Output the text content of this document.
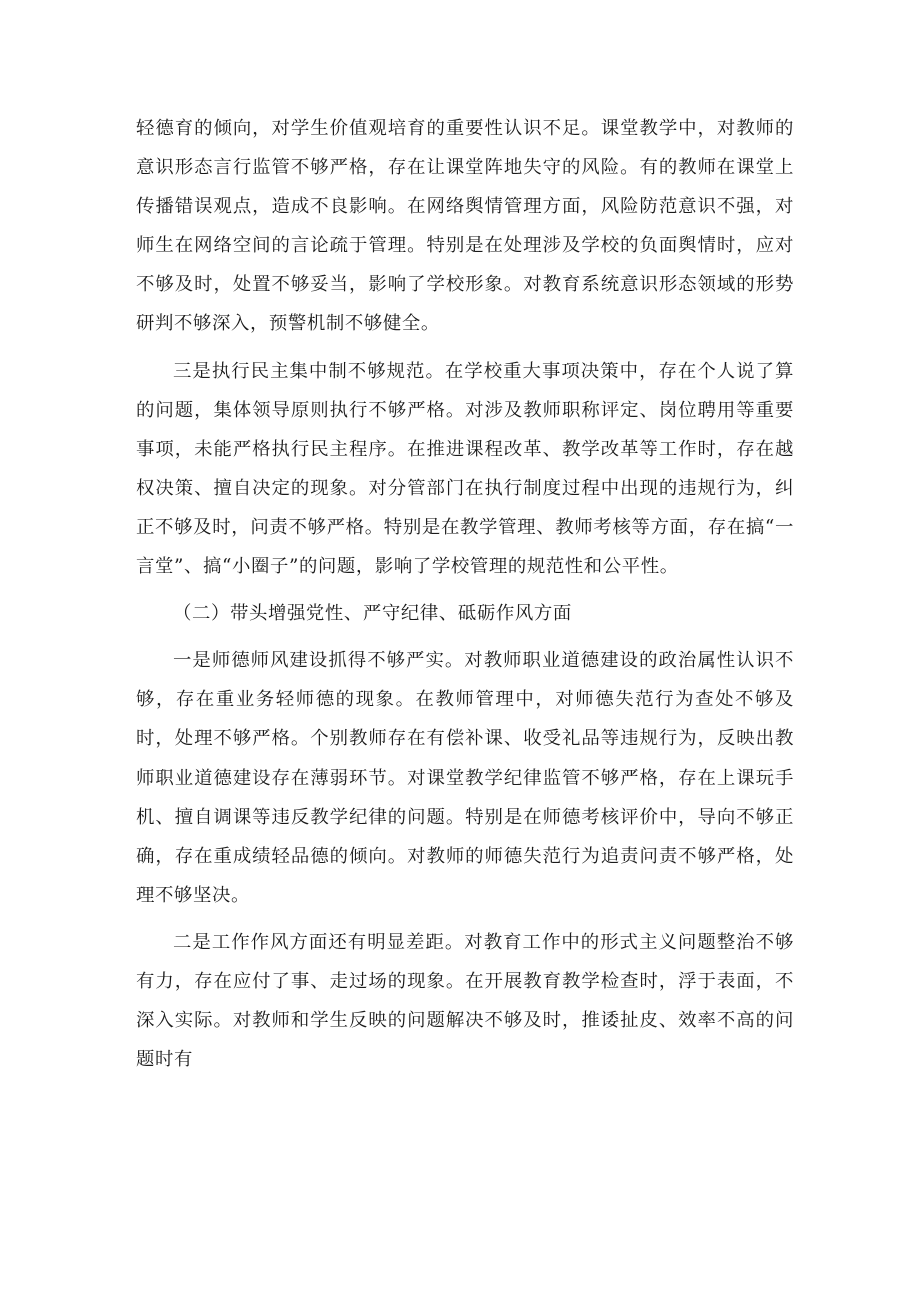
轻德育的倾向，对学生价值观培育的重要性认识不足。课堂教学中，对教师的意识形态言行监管不够严格，存在让课堂阵地失守的风险。有的教师在课堂上传播错误观点，造成不良影响。在网络舆情管理方面，风险防范意识不强，对师生在网络空间的言论疏于管理。特别是在处理涉及学校的负面舆情时，应对不够及时，处置不够妥当，影响了学校形象。对教育系统意识形态领域的形势研判不够深入，预警机制不够健全。

三是执行民主集中制不够规范。在学校重大事项决策中，存在个人说了算的问题，集体领导原则执行不够严格。对涉及教师职称评定、岗位聘用等重要事项，未能严格执行民主程序。在推进课程改革、教学改革等工作时，存在越权决策、擅自决定的现象。对分管部门在执行制度过程中出现的违规行为，纠正不够及时，问责不够严格。特别是在教学管理、教师考核等方面，存在搞“一言堂”、搞“小圈子”的问题，影响了学校管理的规范性和公平性。

（二）带头增强党性、严守纪律、砥砺作风方面

一是师德师风建设抓得不够严实。对教师职业道德建设的政治属性认识不够，存在重业务轻师德的现象。在教师管理中，对师德失范行为查处不够及时，处理不够严格。个别教师存在有偿补课、收受礼品等违规行为，反映出教师职业道德建设存在薄弱环节。对课堂教学纪律监管不够严格，存在上课玩手机、擅自调课等违反教学纪律的问题。特别是在师德考核评价中，导向不够正确，存在重成绩轻品德的倾向。对教师的师德失范行为追责问责不够严格，处理不够坚决。

二是工作作风方面还有明显差距。对教育工作中的形式主义问题整治不够有力，存在应付了事、走过场的现象。在开展教育教学检查时，浮于表面，不深入实际。对教师和学生反映的问题解决不够及时，推诿扯皮、效率不高的问题时有
